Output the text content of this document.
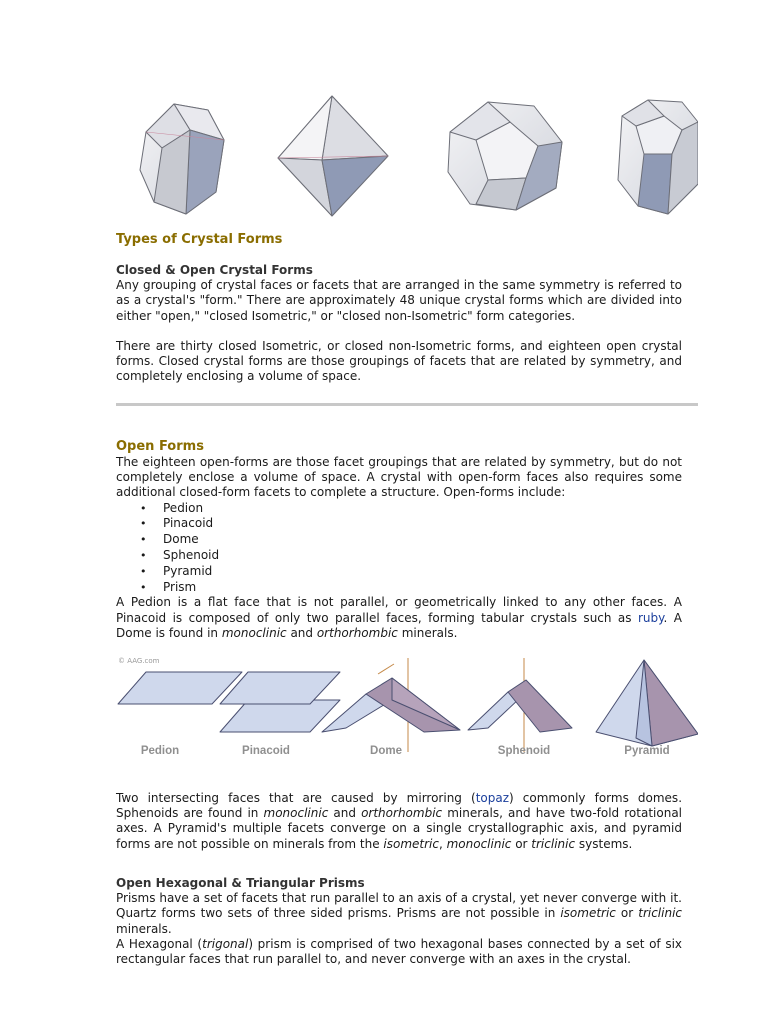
Types of Crystal Forms

Closed & Open Crystal Forms

Any grouping of crystal faces or facets that are arranged in the same symmetry is referred to as a crystal's "form." There are approximately 48 unique crystal forms which are divided into either "open," "closed Isometric," or "closed non-Isometric" form categories.

There are thirty closed Isometric, or closed non-Isometric forms, and eighteen open crystal forms. Closed crystal forms are those groupings of facets that are related by symmetry, and completely enclosing a volume of space.

Open Forms

The eighteen open-forms are those facet groupings that are related by symmetry, but do not completely enclose a volume of space. A crystal with open-form faces also requires some additional closed-form facets to complete a structure. Open-forms include:

• Pedion
• Pinacoid
• Dome
• Sphenoid
• Pyramid
• Prism

A Pedion is a flat face that is not parallel, or geometrically linked to any other faces. A Pinacoid is composed of only two parallel faces, forming tabular crystals such as ruby. A Dome is found in monoclinic and orthorhombic minerals.

Pedion	Pinacoid	Dome	Sphenoid	Pyramid
© AAG.com

Two intersecting faces that are caused by mirroring (topaz) commonly forms domes. Sphenoids are found in monoclinic and orthorhombic minerals, and have two-fold rotational axes. A Pyramid's multiple facets converge on a single crystallographic axis, and pyramid forms are not possible on minerals from the isometric, monoclinic or triclinic systems.

Open Hexagonal & Triangular Prisms

Prisms have a set of facets that run parallel to an axis of a crystal, yet never converge with it. Quartz forms two sets of three sided prisms. Prisms are not possible in isometric or triclinic minerals.

A Hexagonal (trigonal) prism is comprised of two hexagonal bases connected by a set of six rectangular faces that run parallel to, and never converge with an axes in the crystal.
